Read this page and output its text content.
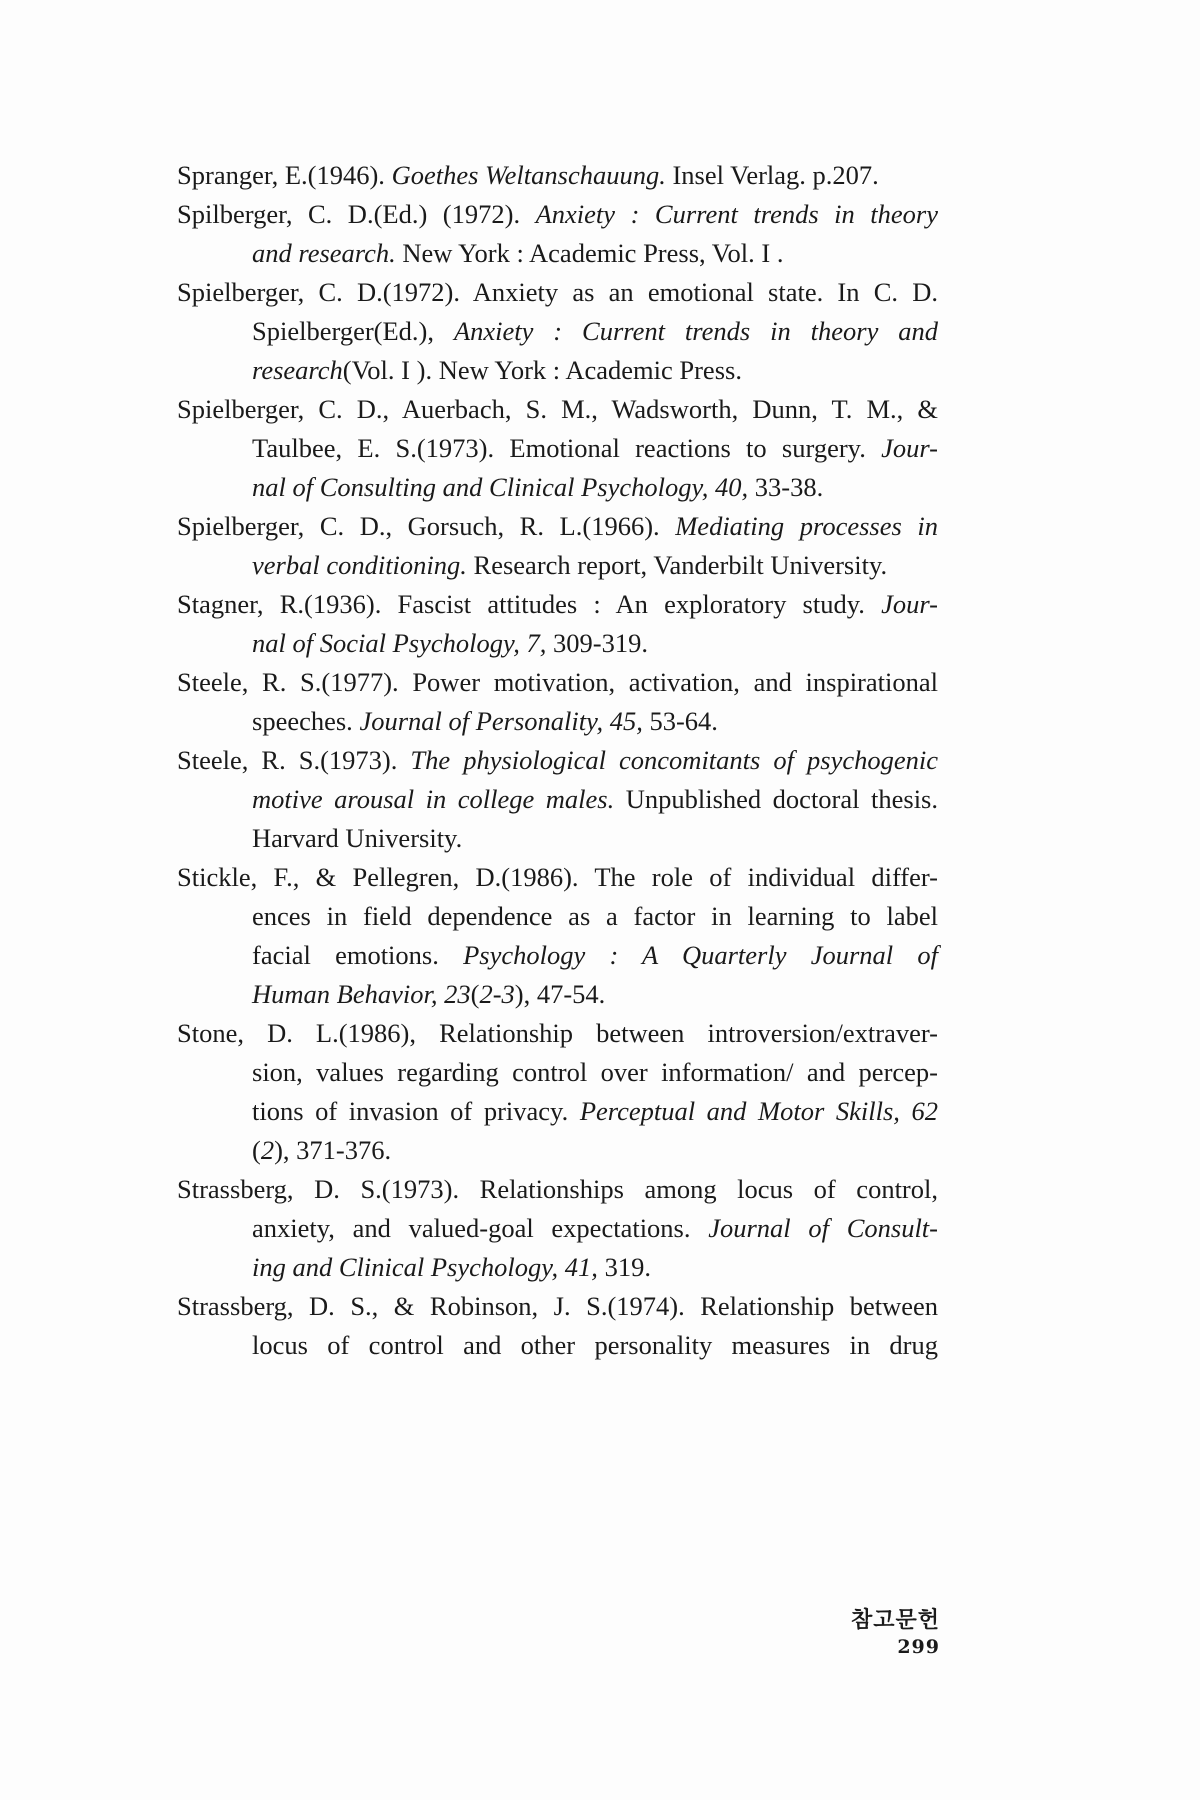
Spranger, E.(1946). Goethes Weltanschauung. Insel Verlag. p.207.
Spilberger, C. D.(Ed.) (1972). Anxiety : Current trends in theory
and research. New York : Academic Press, Vol. I .
Spielberger, C. D.(1972). Anxiety as an emotional state. In C. D.
Spielberger(Ed.), Anxiety : Current trends in theory and
research(Vol. I ). New York : Academic Press.
Spielberger, C. D., Auerbach, S. M., Wadsworth, Dunn, T. M., &
Taulbee, E. S.(1973). Emotional reactions to surgery. Jour-
nal of Consulting and Clinical Psychology, 40, 33-38.
Spielberger, C. D., Gorsuch, R. L.(1966). Mediating processes in
verbal conditioning. Research report, Vanderbilt University.
Stagner, R.(1936). Fascist attitudes : An exploratory study. Jour-
nal of Social Psychology, 7, 309-319.
Steele, R. S.(1977). Power motivation, activation, and inspirational
speeches. Journal of Personality, 45, 53-64.
Steele, R. S.(1973). The physiological concomitants of psychogenic
motive arousal in college males. Unpublished doctoral thesis.
Harvard University.
Stickle, F., & Pellegren, D.(1986). The role of individual differ-
ences in field dependence as a factor in learning to label
facial emotions. Psychology : A Quarterly Journal of
Human Behavior, 23(2-3), 47-54.
Stone, D. L.(1986), Relationship between introversion/extraver-
sion, values regarding control over information/ and percep-
tions of invasion of privacy. Perceptual and Motor Skills, 62
(2), 371-376.
Strassberg, D. S.(1973). Relationships among locus of control,
anxiety, and valued-goal expectations. Journal of Consult-
ing and Clinical Psychology, 41, 319.
Strassberg, D. S., & Robinson, J. S.(1974). Relationship between
locus of control and other personality measures in drug
참고문헌299
